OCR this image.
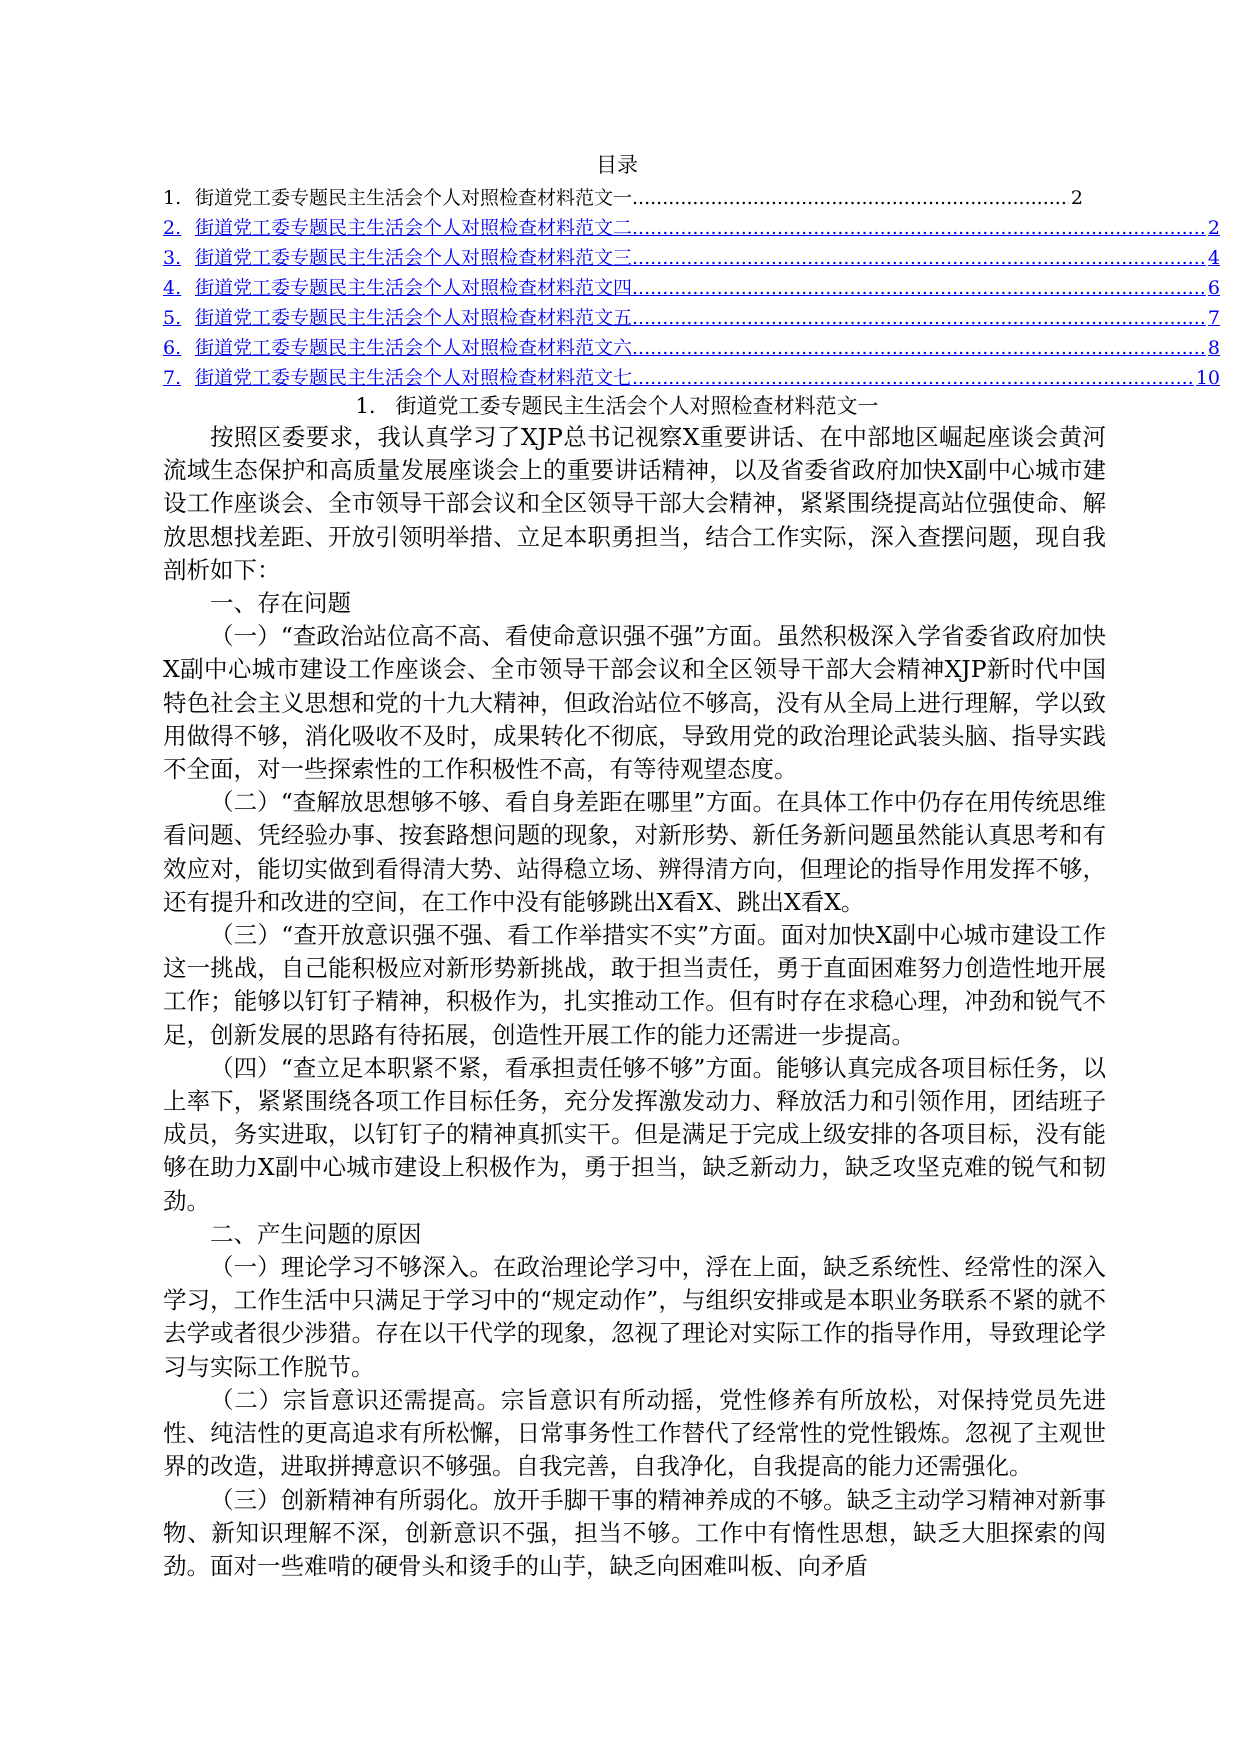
目录
1. 街道党工委专题民主生活会个人对照检查材料范文一 .....	2
2. 街道党工委专题民主生活会个人对照检查材料范文二 .....	2
3. 街道党工委专题民主生活会个人对照检查材料范文三 .....	4
4. 街道党工委专题民主生活会个人对照检查材料范文四 .....	6
5. 街道党工委专题民主生活会个人对照检查材料范文五 .....	7
6. 街道党工委专题民主生活会个人对照检查材料范文六 .....	8
7. 街道党工委专题民主生活会个人对照检查材料范文七 .....	10
1. 街道党工委专题民主生活会个人对照检查材料范文一

按照区委要求，我认真学习了XJP总书记视察X重要讲话、在中部地区崛起座谈会黄河流域生态保护和高质量发展座谈会上的重要讲话精神，以及省委省政府加快X副中心城市建设工作座谈会、全市领导干部会议和全区领导干部大会精神，紧紧围绕提高站位强使命、解放思想找差距、开放引领明举措、立足本职勇担当，结合工作实际，深入查摆问题，现自我剖析如下：

一、存在问题

（一）“查政治站位高不高、看使命意识强不强”方面。虽然积极深入学省委省政府加快X副中心城市建设工作座谈会、全市领导干部会议和全区领导干部大会精神XJP新时代中国特色社会主义思想和党的十九大精神，但政治站位不够高，没有从全局上进行理解，学以致用做得不够，消化吸收不及时，成果转化不彻底，导致用党的政治理论武装头脑、指导实践不全面，对一些探索性的工作积极性不高，有等待观望态度。

（二）“查解放思想够不够、看自身差距在哪里”方面。在具体工作中仍存在用传统思维看问题、凭经验办事、按套路想问题的现象，对新形势、新任务新问题虽然能认真思考和有效应对，能切实做到看得清大势、站得稳立场、辨得清方向，但理论的指导作用发挥不够，还有提升和改进的空间，在工作中没有能够跳出X看X、跳出X看X。

（三）“查开放意识强不强、看工作举措实不实”方面。面对加快X副中心城市建设工作这一挑战，自己能积极应对新形势新挑战，敢于担当责任，勇于直面困难努力创造性地开展工作；能够以钉钉子精神，积极作为，扎实推动工作。但有时存在求稳心理，冲劲和锐气不足，创新发展的思路有待拓展，创造性开展工作的能力还需进一步提高。

（四）“查立足本职紧不紧，看承担责任够不够”方面。能够认真完成各项目标任务，以上率下，紧紧围绕各项工作目标任务，充分发挥激发动力、释放活力和引领作用，团结班子成员，务实进取，以钉钉子的精神真抓实干。但是满足于完成上级安排的各项目标，没有能够在助力X副中心城市建设上积极作为，勇于担当，缺乏新动力，缺乏攻坚克难的锐气和韧劲。

二、产生问题的原因

（一）理论学习不够深入。在政治理论学习中，浮在上面，缺乏系统性、经常性的深入学习，工作生活中只满足于学习中的“规定动作”，与组织安排或是本职业务联系不紧的就不去学或者很少涉猎。存在以干代学的现象，忽视了理论对实际工作的指导作用，导致理论学习与实际工作脱节。

（二）宗旨意识还需提高。宗旨意识有所动摇，党性修养有所放松，对保持党员先进性、纯洁性的更高追求有所松懈，日常事务性工作替代了经常性的党性锻炼。忽视了主观世界的改造，进取拼搏意识不够强。自我完善，自我净化，自我提高的能力还需强化。

（三）创新精神有所弱化。放开手脚干事的精神养成的不够。缺乏主动学习精神对新事物、新知识理解不深，创新意识不强，担当不够。工作中有惰性思想，缺乏大胆探索的闯劲。面对一些难啃的硬骨头和烫手的山芋，缺乏向困难叫板、向矛盾
